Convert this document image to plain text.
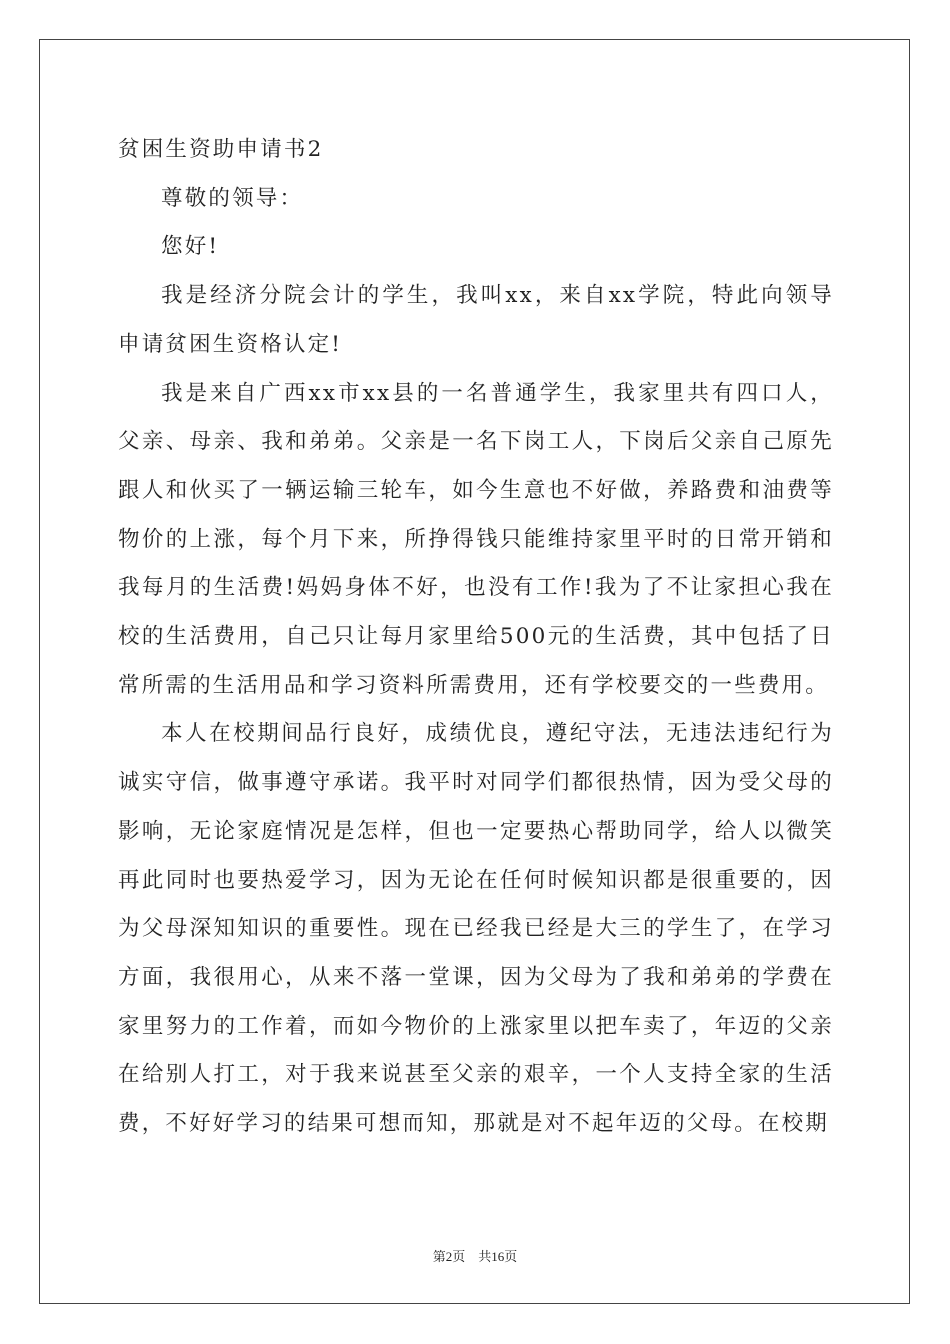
贫困生资助申请书2

尊敬的领导：

您好!

我是经济分院会计的学生，我叫xx，来自xx学院，特此向领导申请贫困生资格认定!

我是来自广西xx市xx县的一名普通学生，我家里共有四口人，父亲、母亲、我和弟弟。父亲是一名下岗工人，下岗后父亲自己原先跟人和伙买了一辆运输三轮车，如今生意也不好做，养路费和油费等物价的上涨，每个月下来，所挣得钱只能维持家里平时的日常开销和我每月的生活费!妈妈身体不好，也没有工作!我为了不让家担心我在校的生活费用，自己只让每月家里给500元的生活费，其中包括了日常所需的生活用品和学习资料所需费用，还有学校要交的一些费用。

本人在校期间品行良好，成绩优良，遵纪守法，无违法违纪行为诚实守信，做事遵守承诺。我平时对同学们都很热情，因为受父母的影响，无论家庭情况是怎样，但也一定要热心帮助同学，给人以微笑再此同时也要热爱学习，因为无论在任何时候知识都是很重要的，因为父母深知知识的重要性。现在已经我已经是大三的学生了，在学习方面，我很用心，从来不落一堂课，因为父母为了我和弟弟的学费在家里努力的工作着，而如今物价的上涨家里以把车卖了，年迈的父亲在给别人打工，对于我来说甚至父亲的艰辛，一个人支持全家的生活费，不好好学习的结果可想而知，那就是对不起年迈的父母。在校期

第2页  共16页
